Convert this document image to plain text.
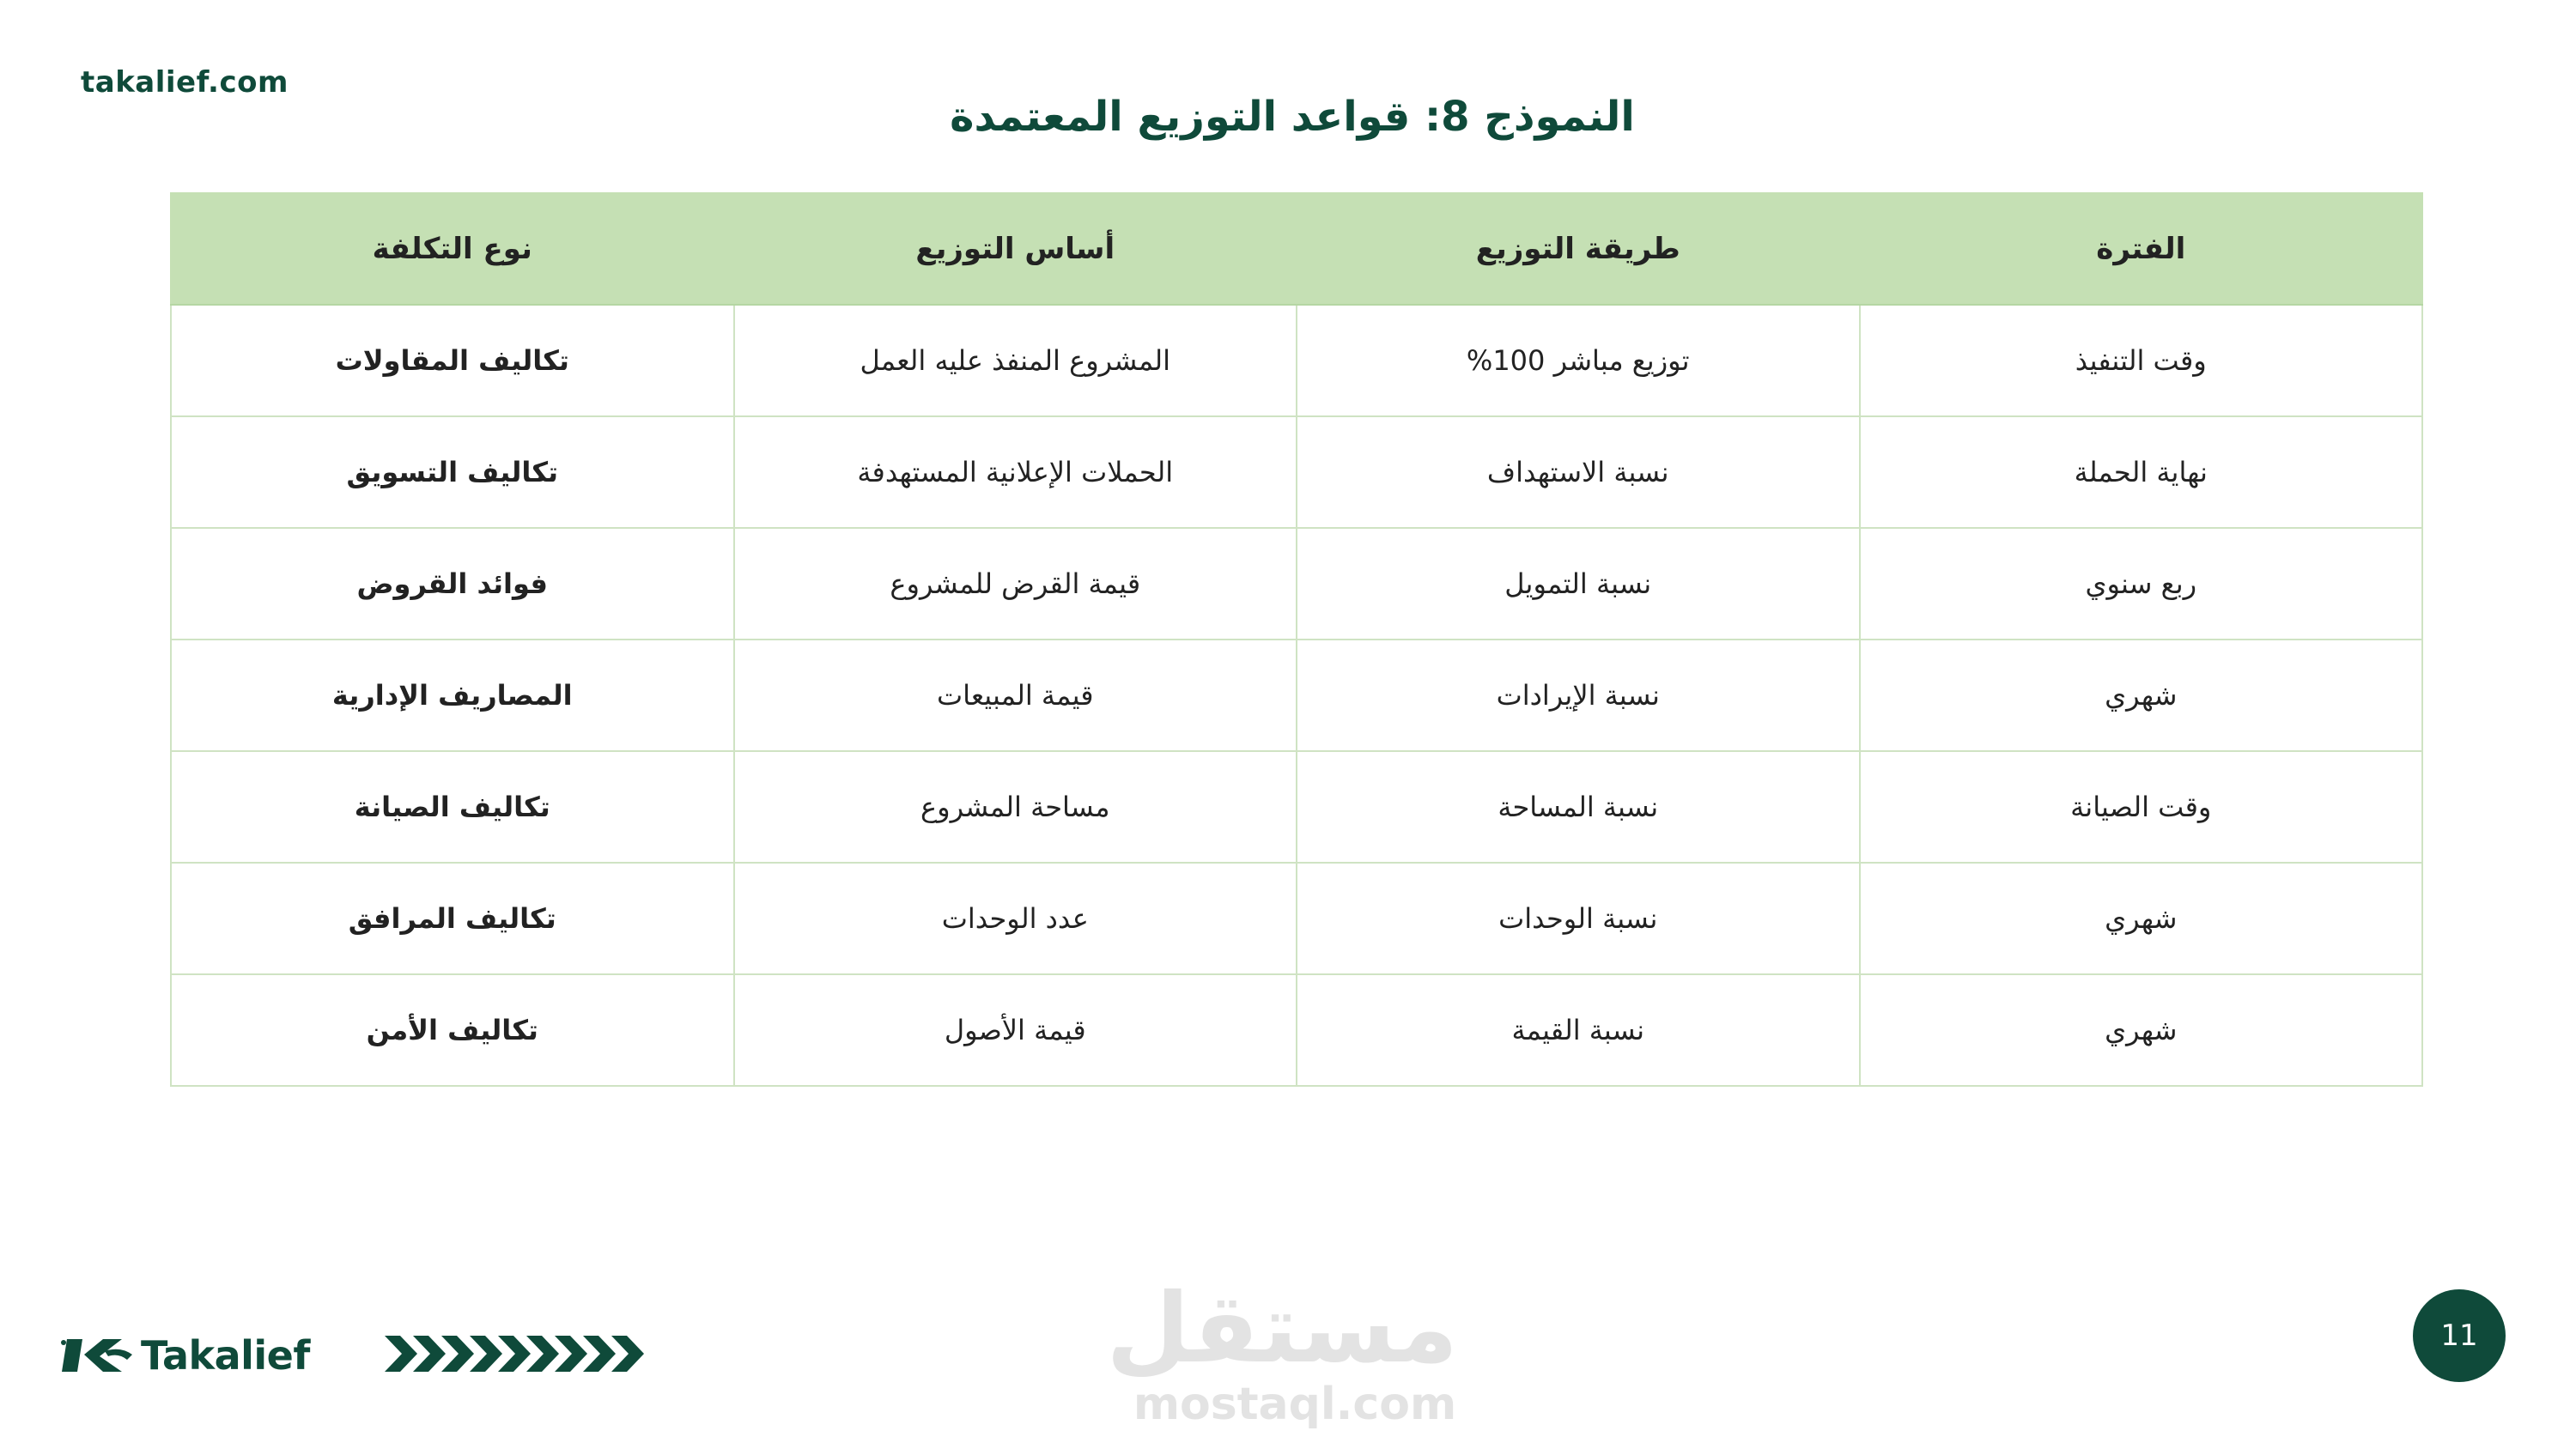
takalief.com
النموذج 8: قواعد التوزيع المعتمدة
الفترة	طريقة التوزيع	أساس التوزيع	نوع التكلفة
وقت التنفيذ	توزيع مباشر 100%	المشروع المنفذ عليه العمل	تكاليف المقاولات
نهاية الحملة	نسبة الاستهداف	الحملات الإعلانية المستهدفة	تكاليف التسويق
ربع سنوي	نسبة التمويل	قيمة القرض للمشروع	فوائد القروض
شهري	نسبة الإيرادات	قيمة المبيعات	المصاريف الإدارية
وقت الصيانة	نسبة المساحة	مساحة المشروع	تكاليف الصيانة
شهري	نسبة الوحدات	عدد الوحدات	تكاليف المرافق
شهري	نسبة القيمة	قيمة الأصول	تكاليف الأمن
Takalief	مستقل
mostaql.com
11
